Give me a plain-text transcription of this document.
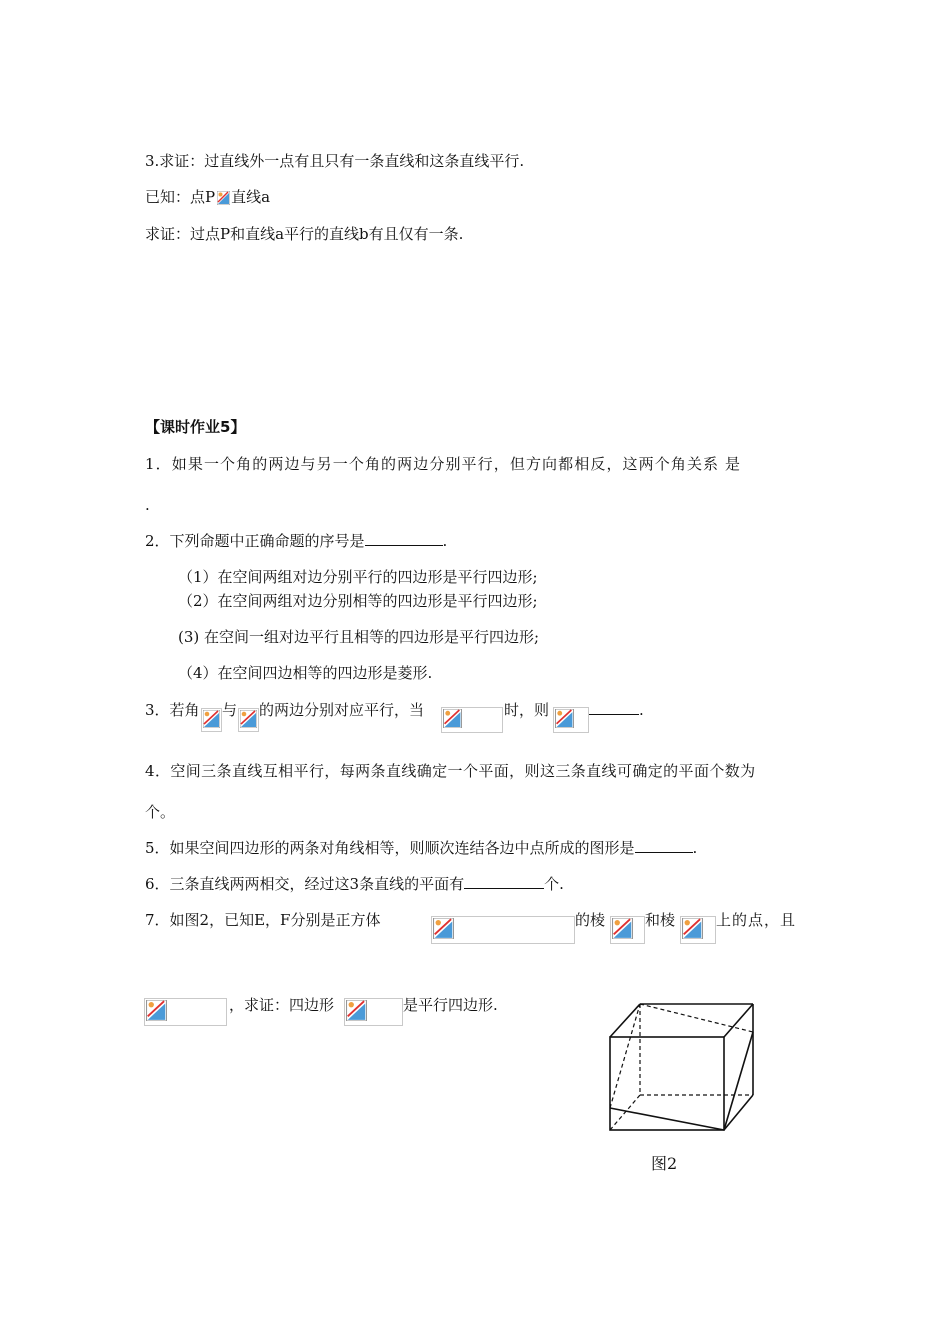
3.求证：过直线外一点有且只有一条直线和这条直线平行.
已知：点P 直线a
求证：过点P和直线a平行的直线b有且仅有一条.
【课时作业5】
1．如果一个角的两边与另一个角的两边分别平行，但方向都相反，这两个角关系 是
.
2．下列命题中正确命题的序号是	.
（1）在空间两组对边分别平行的四边形是平行四边形;
（2）在空间两组对边分别相等的四边形是平行四边形;
(3) 在空间一组对边平行且相等的四边形是平行四边形;
（4）在空间四边相等的四边形是菱形.
3．若角 与 的两边分别对应平行，当	时，则	.
4．空间三条直线互相平行，每两条直线确定一个平面，则这三条直线可确定的平面个数为
个。
5．如果空间四边形的两条对角线相等，则顺次连结各边中点所成的图形是	.
6．三条直线两两相交，经过这3条直线的平面有	个.
7．如图2，已知E，F分别是正方体	的棱	和棱	上的点，且
，求证：四边形	是平行四边形.
图2
